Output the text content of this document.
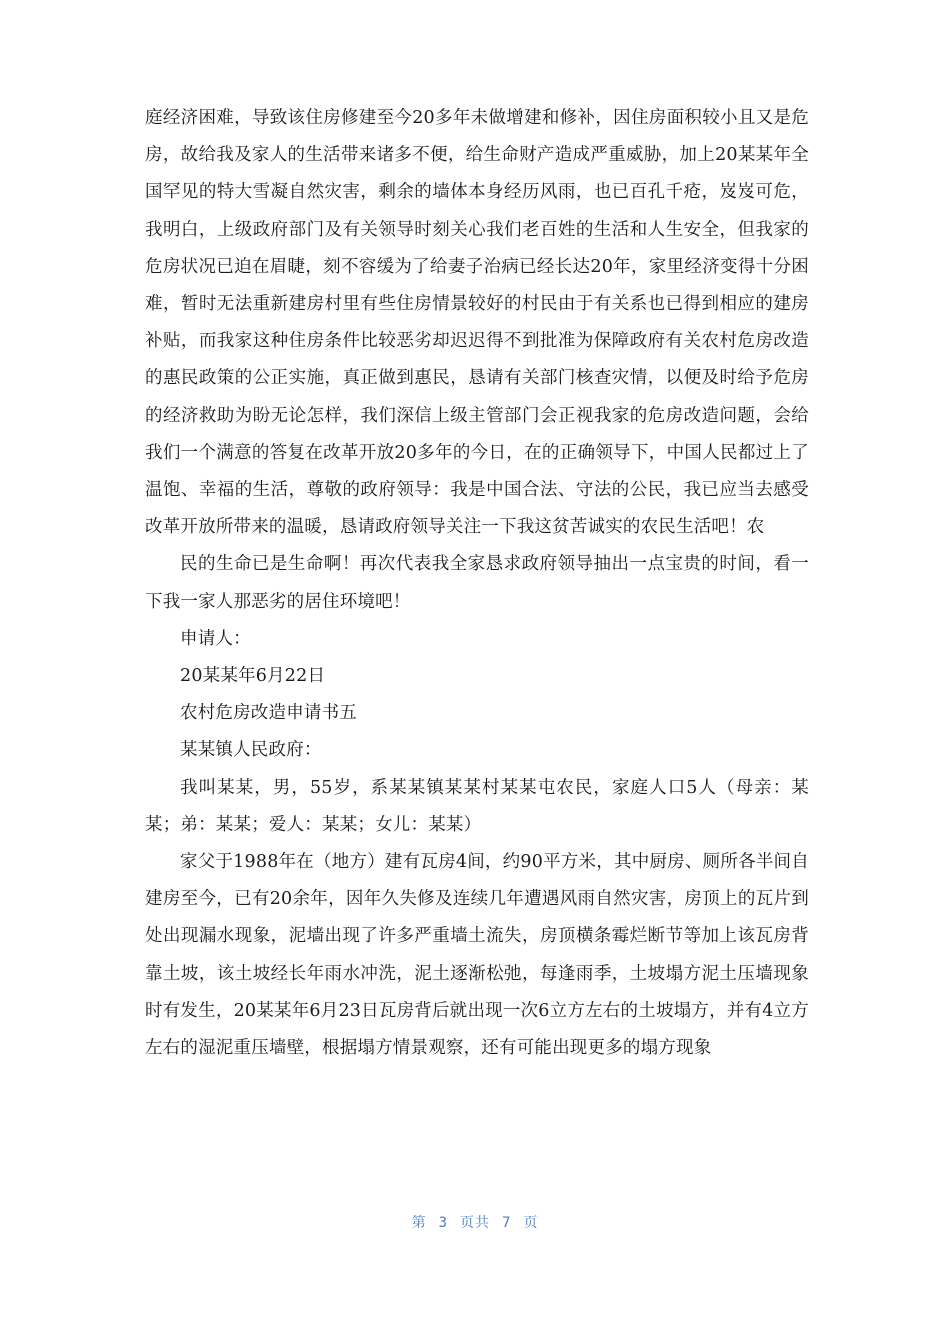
庭经济困难，导致该住房修建至今20多年未做增建和修补，因住房面积较小且又是危房，故给我及家人的生活带来诸多不便，给生命财产造成严重威胁，加上20某某年全国罕见的特大雪凝自然灾害，剩余的墙体本身经历风雨，也已百孔千疮，岌岌可危，我明白，上级政府部门及有关领导时刻关心我们老百姓的生活和人生安全，但我家的危房状况已迫在眉睫，刻不容缓为了给妻子治病已经长达20年，家里经济变得十分困难，暂时无法重新建房村里有些住房情景较好的村民由于有关系也已得到相应的建房补贴，而我家这种住房条件比较恶劣却迟迟得不到批准为保障政府有关农村危房改造的惠民政策的公正实施，真正做到惠民，恳请有关部门核查灾情，以便及时给予危房的经济救助为盼无论怎样，我们深信上级主管部门会正视我家的危房改造问题，会给我们一个满意的答复在改革开放20多年的今日，在的正确领导下，中国人民都过上了温饱、幸福的生活，尊敬的政府领导：我是中国合法、守法的公民，我已应当去感受改革开放所带来的温暖，恳请政府领导关注一下我这贫苦诚实的农民生活吧！农

民的生命已是生命啊！再次代表我全家恳求政府领导抽出一点宝贵的时间，看一下我一家人那恶劣的居住环境吧！

申请人：

20某某年6月22日

农村危房改造申请书五

某某镇人民政府：

我叫某某，男，55岁，系某某镇某某村某某屯农民，家庭人口5人（母亲：某某；弟：某某；爱人：某某；女儿：某某）

家父于1988年在（地方）建有瓦房4间，约90平方米，其中厨房、厕所各半间自建房至今，已有20余年，因年久失修及连续几年遭遇风雨自然灾害，房顶上的瓦片到处出现漏水现象，泥墙出现了许多严重墙土流失，房顶横条霉烂断节等加上该瓦房背靠土坡，该土坡经长年雨水冲洗，泥土逐渐松弛，每逢雨季，土坡塌方泥土压墙现象时有发生，20某某年6月23日瓦房背后就出现一次6立方左右的土坡塌方，并有4立方左右的湿泥重压墙壁，根据塌方情景观察，还有可能出现更多的塌方现象

第 3 页共 7 页
